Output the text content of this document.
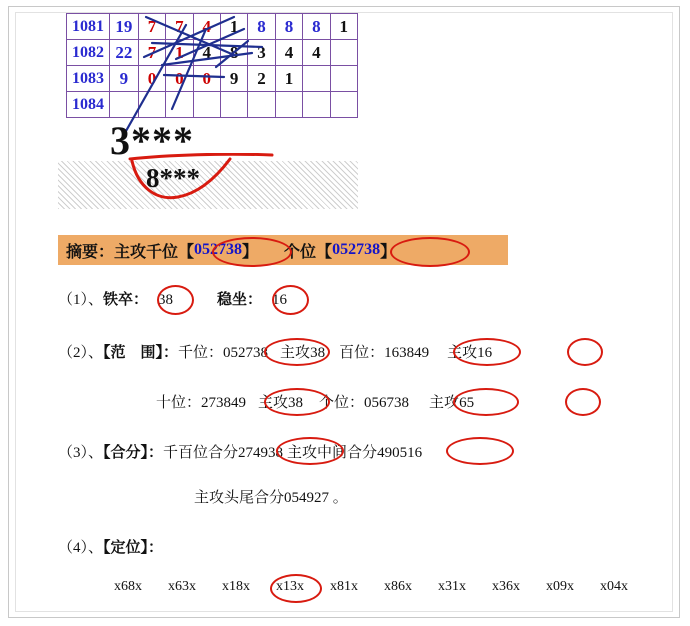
1081	19	7	7	4	1	8	8	8	1
1082	22	7	1	4	8	3	4	4	
1083	9	0	0	0	9	2	1		
1084									
3***
8***
摘要： 主攻千位【 052738 】 个位【 052738 】
（1）、铁卒： 38	稳坐： 16
（2）、【范　围】：千位：052738 主攻38 百位：163849 主攻16
十位：273849 主攻38 个位：056738 主攻65
（3）、【合分】：千百位合分274938 主攻中间合分490516
主攻头尾合分054927 。
（4）、【定位】：
x68x x63x x18x x13x x81x x86x x31x x36x x09x x04x
